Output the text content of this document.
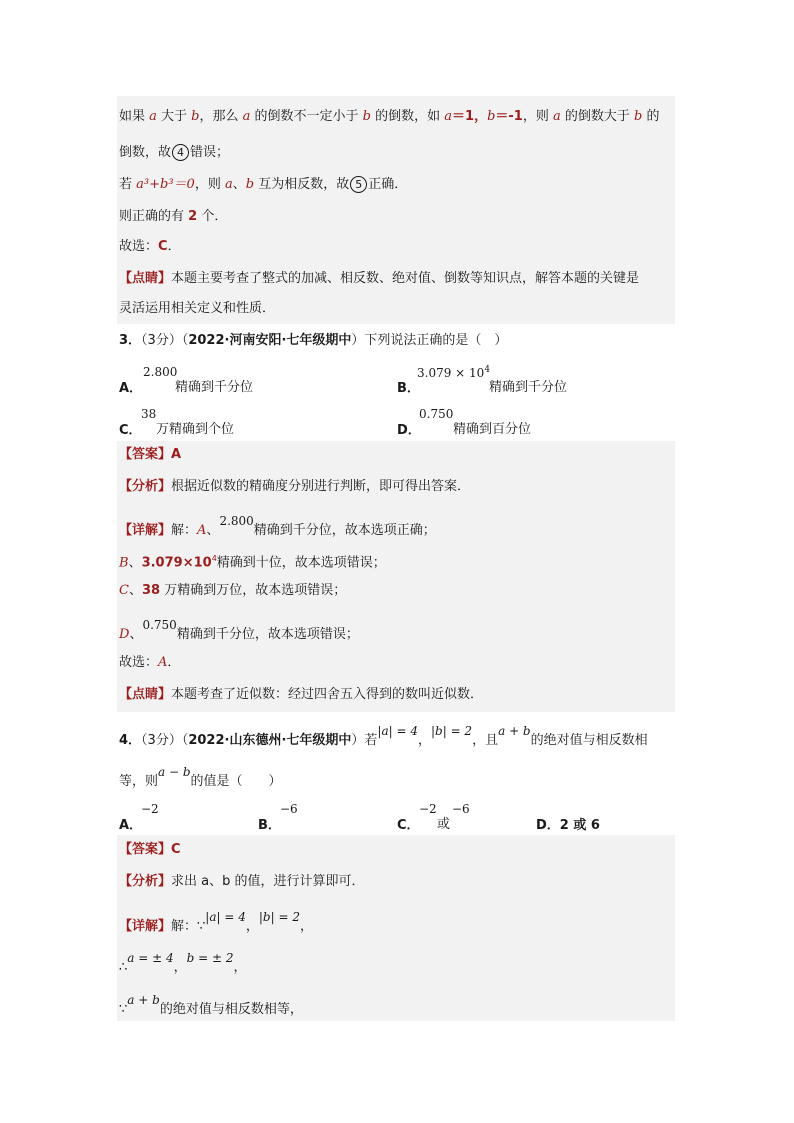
如果 a 大于 b，那么 a 的倒数不一定小于 b 的倒数，如 a＝1，b＝-1，则 a 的倒数大于 b 的
倒数，故 4 错误；
若 a³+b³＝0，则 a、b 互为相反数，故 5 正确．
则正确的有 2 个．
故选：C．
【点睛】本题主要考查了整式的加减、相反数、绝对值、倒数等知识点，解答本题的关键是
灵活运用相关定义和性质．
3．（3分）（2022·河南安阳·七年级期中）下列说法正确的是（　）
A．
2.800
精确到千分位	B．
$3.079 \times 10^4$
精确到千分位
C．
38
万精确到个位	D．
0.750
精确到百分位
【答案】A
【分析】根据近似数的精确度分别进行判断，即可得出答案．
【详解】解：A、2.800精确到千分位，故本选项正确；
B、$3.079\times 10^4$精确到十位，故本选项错误；
C、38 万精确到万位，故本选项错误；
D、0.750精确到千分位，故本选项错误；
故选：A．
【点睛】本题考查了近似数：经过四舍五入得到的数叫近似数．
4．（3分）（2022·山东德州·七年级期中）若|a| = 4，|b| = 2，且a + b的绝对值与相反数相
等，则a − b的值是（　　）
A．
−2
B．
−6
C．
−2
或
−6
D．2 或 6
【答案】C
【分析】求出 a、b 的值，进行计算即可．
【详解】解：∵|a| = 4，|b| = 2，
∴a = ± 4，b = ± 2，
∵a + b的绝对值与相反数相等，
